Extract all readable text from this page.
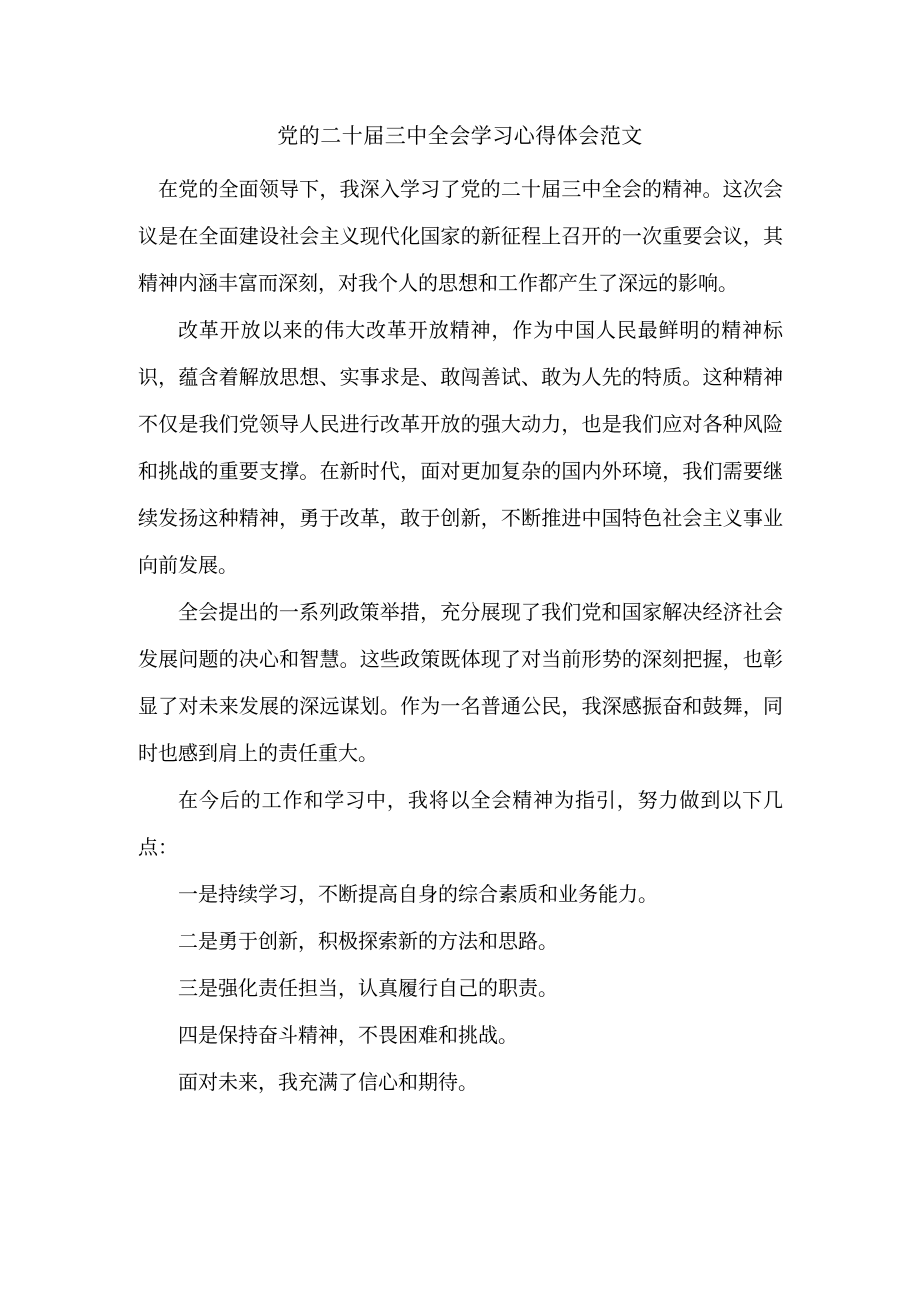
党的二十届三中全会学习心得体会范文

在党的全面领导下，我深入学习了党的二十届三中全会的精神。这次会议是在全面建设社会主义现代化国家的新征程上召开的一次重要会议，其精神内涵丰富而深刻，对我个人的思想和工作都产生了深远的影响。

改革开放以来的伟大改革开放精神，作为中国人民最鲜明的精神标识，蕴含着解放思想、实事求是、敢闯善试、敢为人先的特质。这种精神不仅是我们党领导人民进行改革开放的强大动力，也是我们应对各种风险和挑战的重要支撑。在新时代，面对更加复杂的国内外环境，我们需要继续发扬这种精神，勇于改革，敢于创新，不断推进中国特色社会主义事业向前发展。

全会提出的一系列政策举措，充分展现了我们党和国家解决经济社会发展问题的决心和智慧。这些政策既体现了对当前形势的深刻把握，也彰显了对未来发展的深远谋划。作为一名普通公民，我深感振奋和鼓舞，同时也感到肩上的责任重大。

在今后的工作和学习中，我将以全会精神为指引，努力做到以下几点：

一是持续学习，不断提高自身的综合素质和业务能力。

二是勇于创新，积极探索新的方法和思路。

三是强化责任担当，认真履行自己的职责。

四是保持奋斗精神，不畏困难和挑战。

面对未来，我充满了信心和期待。
